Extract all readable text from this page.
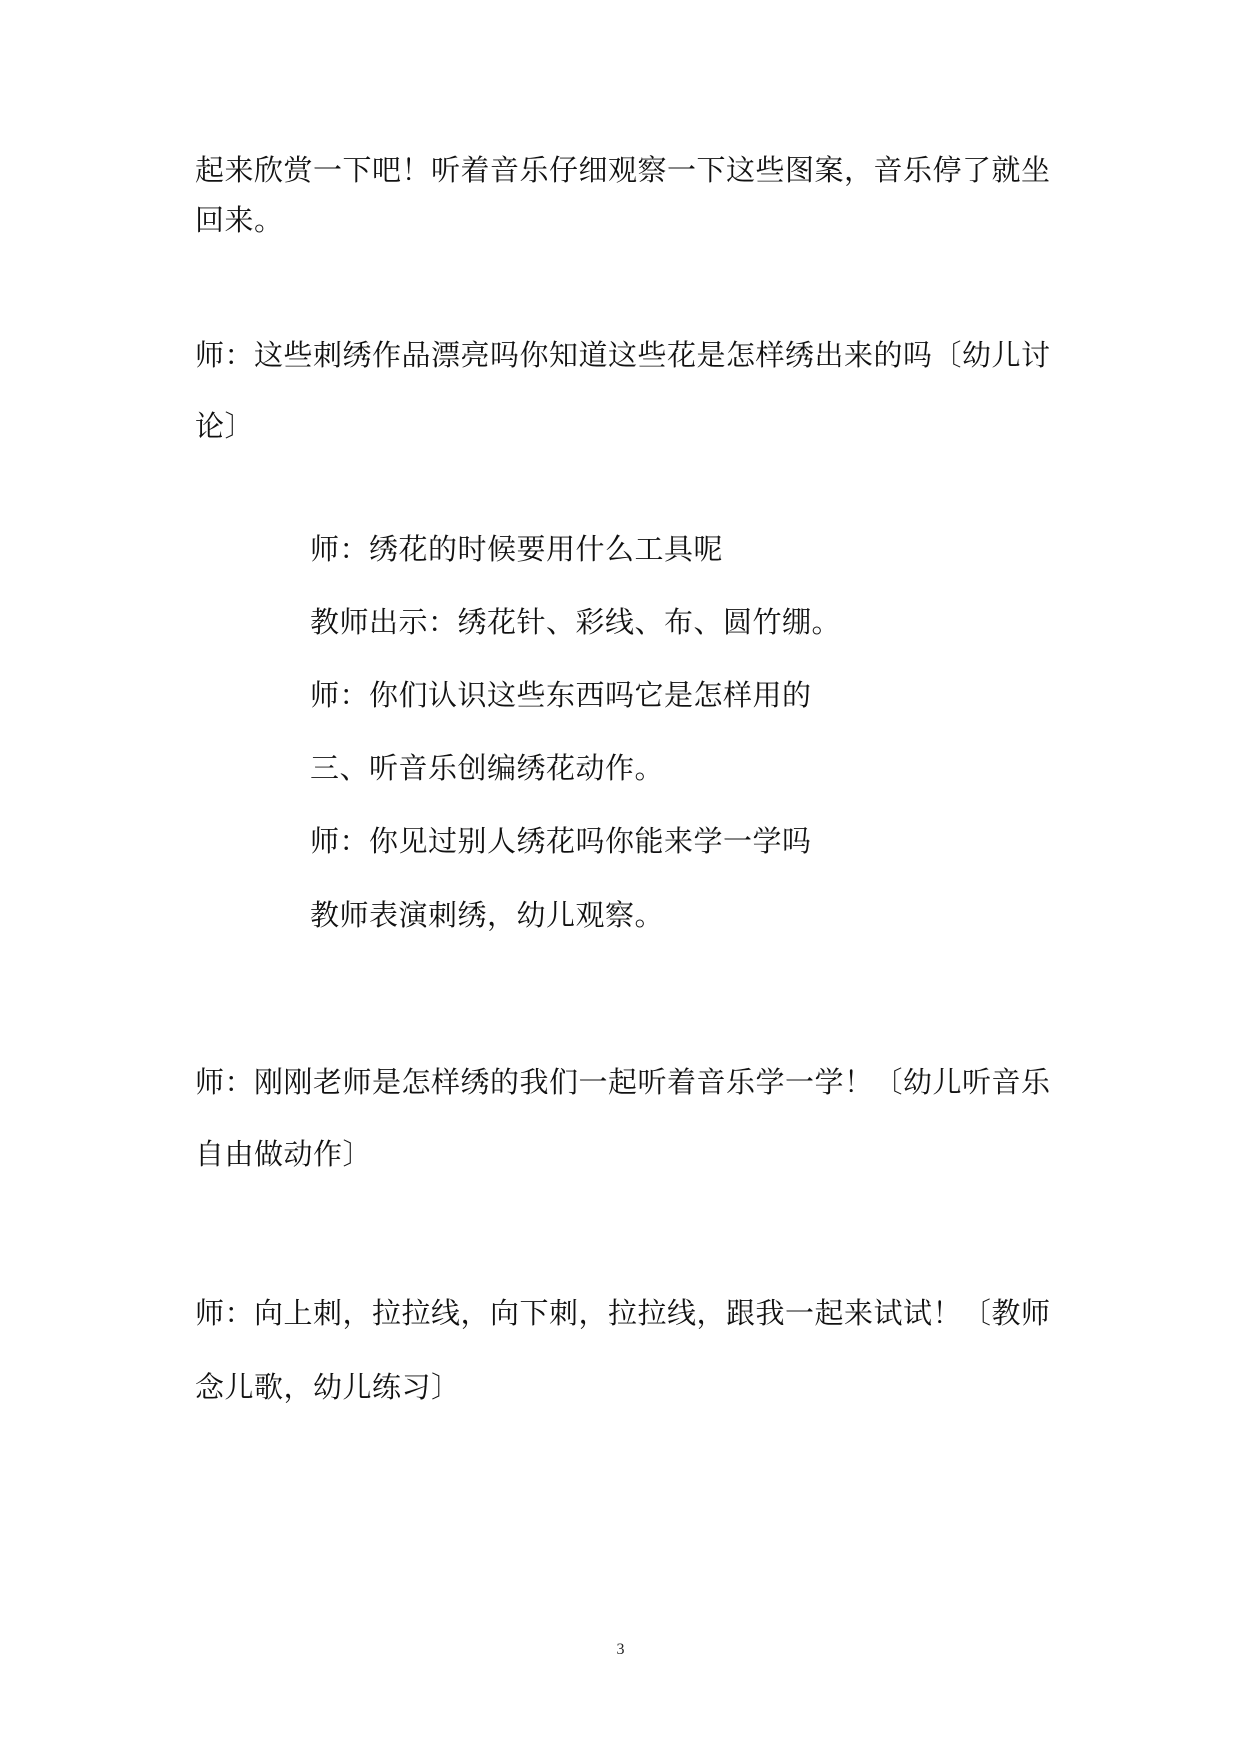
起来欣赏一下吧！听着音乐仔细观察一下这些图案，音乐停了就坐
回来。
师：这些刺绣作品漂亮吗你知道这些花是怎样绣出来的吗〔幼儿讨
论〕
师：绣花的时候要用什么工具呢
教师出示：绣花针、彩线、布、圆竹绷。
师：你们认识这些东西吗它是怎样用的
三、听音乐创编绣花动作。
师：你见过别人绣花吗你能来学一学吗
教师表演刺绣，幼儿观察。
师：刚刚老师是怎样绣的我们一起听着音乐学一学！〔幼儿听音乐
自由做动作〕
师：向上刺，拉拉线，向下刺，拉拉线，跟我一起来试试！〔教师
念儿歌，幼儿练习〕
3
